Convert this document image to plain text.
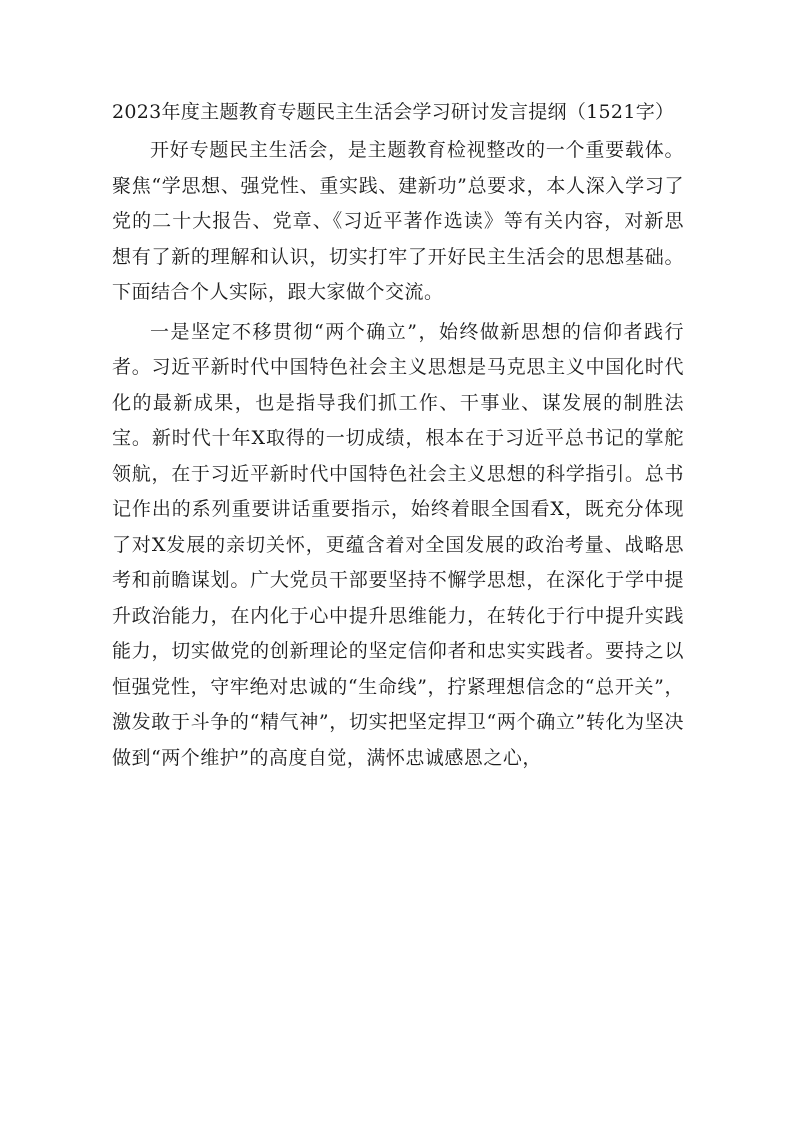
2023年度主题教育专题民主生活会学习研讨发言提纲（1521字）

开好专题民主生活会，是主题教育检视整改的一个重要载体。聚焦“学思想、强党性、重实践、建新功”总要求，本人深入学习了党的二十大报告、党章、《习近平著作选读》等有关内容，对新思想有了新的理解和认识，切实打牢了开好民主生活会的思想基础。下面结合个人实际，跟大家做个交流。

一是坚定不移贯彻“两个确立”，始终做新思想的信仰者践行者。习近平新时代中国特色社会主义思想是马克思主义中国化时代化的最新成果，也是指导我们抓工作、干事业、谋发展的制胜法宝。新时代十年X取得的一切成绩，根本在于习近平总书记的掌舵领航，在于习近平新时代中国特色社会主义思想的科学指引。总书记作出的系列重要讲话重要指示，始终着眼全国看X，既充分体现了对X发展的亲切关怀，更蕴含着对全国发展的政治考量、战略思考和前瞻谋划。广大党员干部要坚持不懈学思想，在深化于学中提升政治能力，在内化于心中提升思维能力，在转化于行中提升实践能力，切实做党的创新理论的坚定信仰者和忠实实践者。要持之以恒强党性，守牢绝对忠诚的“生命线”，拧紧理想信念的“总开关”，激发敢于斗争的“精气神”，切实把坚定捍卫“两个确立”转化为坚决做到“两个维护”的高度自觉，满怀忠诚感恩之心，
